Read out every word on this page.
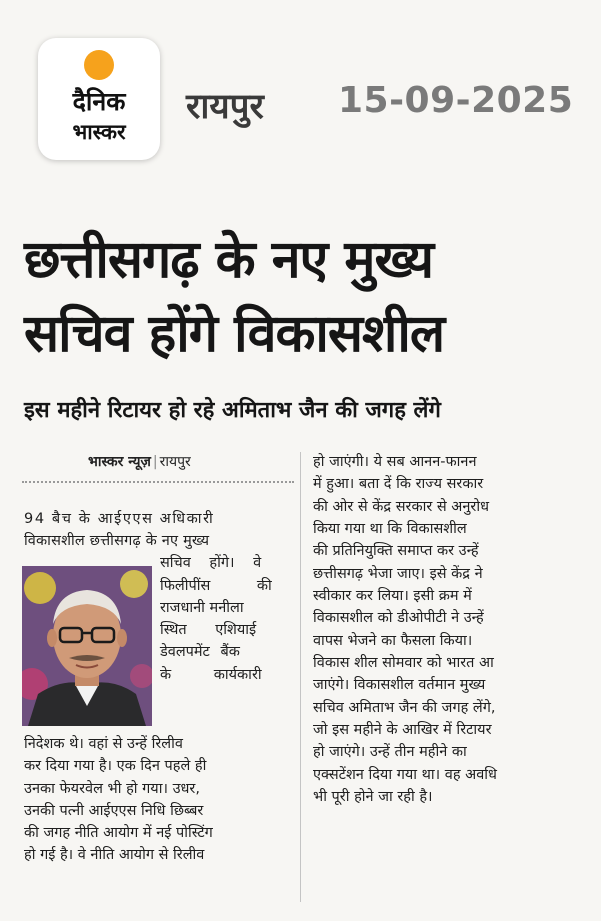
दैनिक
भास्कर
रायपुर 15-09-2025
छत्तीसगढ़ के नए मुख्य
सचिव होंगे विकासशील
इस महीने रिटायर हो रहे अमिताभ जैन की जगह लेंगे
भास्कर न्यूज़ | रायपुर

94 बैच के आईएएस अधिकारी

विकासशील छत्तीसगढ़ के नए मुख्य

सचिव होंगे। वे

फिलीपींस की

राजधानी मनीला

स्थित एशियाई

डेवलपमेंट बैंक

के कार्यकारी

निदेशक थे। वहां से उन्हें रिलीव

कर दिया गया है। एक दिन पहले ही

उनका फेयरवेल भी हो गया। उधर,

उनकी पत्नी आईएएस निधि छिब्बर

की जगह नीति आयोग में नई पोस्टिंग

हो गई है। वे नीति आयोग से रिलीव

हो जाएंगी। ये सब आनन-फानन

में हुआ। बता दें कि राज्य सरकार

की ओर से केंद्र सरकार से अनुरोध

किया गया था कि विकासशील

की प्रतिनियुक्ति समाप्त कर उन्हें

छत्तीसगढ़ भेजा जाए। इसे केंद्र ने

स्वीकार कर लिया। इसी क्रम में

विकासशील को डीओपीटी ने उन्हें

वापस भेजने का फैसला किया।

विकास शील सोमवार को भारत आ

जाएंगे। विकासशील वर्तमान मुख्य

सचिव अमिताभ जैन की जगह लेंगे,

जो इस महीने के आखिर में रिटायर

हो जाएंगे। उन्हें तीन महीने का

एक्सटेंशन दिया गया था। वह अवधि

भी पूरी होने जा रही है।
